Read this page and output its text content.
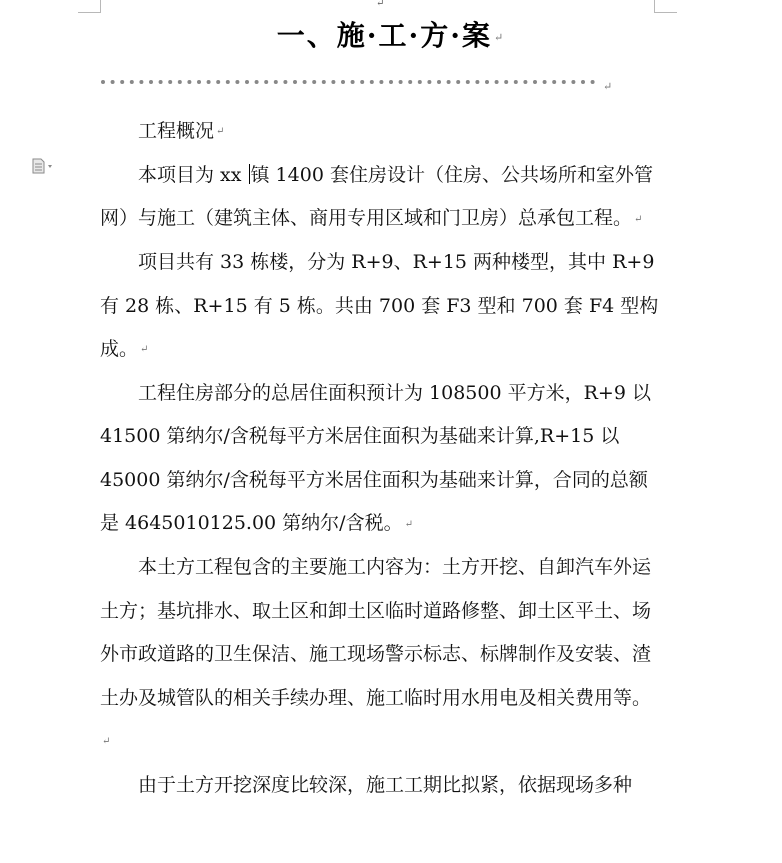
↵
一、施·工·方·案 ↵
↵

工程概况 ↵

本项目为 xx 镇 1400 套住房设计（住房、公共场所和室外管网）与施工（建筑主体、商用专用区域和门卫房）总承包工程。 ↵

项目共有 33 栋楼，分为 R+9、R+15 两种楼型，其中 R+9 有 28 栋、R+15 有 5 栋。共由 700 套 F3 型和 700 套 F4 型构成。 ↵

工程住房部分的总居住面积预计为 108500 平方米，R+9 以 41500 第纳尔/含税每平方米居住面积为基础来计算,R+15 以 45000 第纳尔/含税每平方米居住面积为基础来计算，合同的总额是 4645010125.00 第纳尔/含税。 ↵

本土方工程包含的主要施工内容为：土方开挖、自卸汽车外运土方；基坑排水、取土区和卸土区临时道路修整、卸土区平土、场外市政道路的卫生保洁、施工现场警示标志、标牌制作及安装、渣土办及城管队的相关手续办理、施工临时用水用电及相关费用等。↵

由于土方开挖深度比较深，施工工期比拟紧，依据现场多种
